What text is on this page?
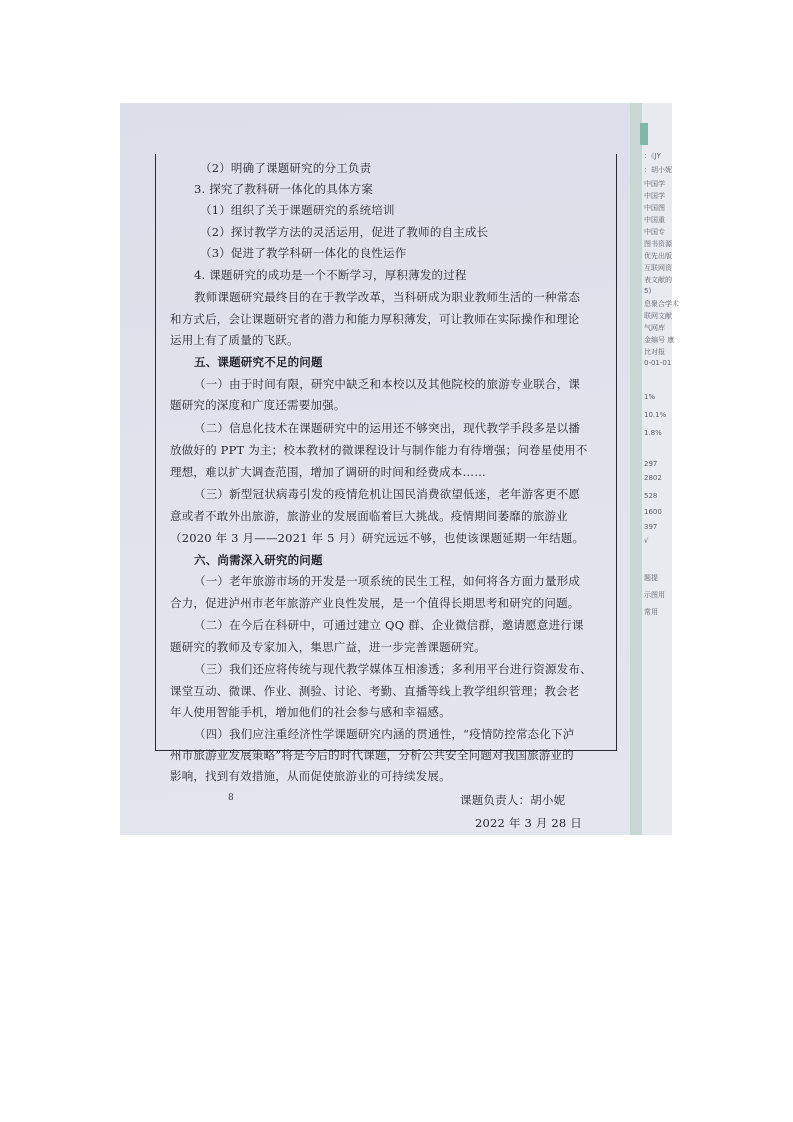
（2）明确了课题研究的分工负责
3. 探究了教科研一体化的具体方案
（1）组织了关于课题研究的系统培训
（2）探讨教学方法的灵活运用，促进了教师的自主成长
（3）促进了教学科研一体化的良性运作
4. 课题研究的成功是一个不断学习，厚积薄发的过程
教师课题研究最终目的在于教学改革，当科研成为职业教师生活的一种常态
和方式后，会让课题研究者的潜力和能力厚积薄发，可让教师在实际操作和理论
运用上有了质量的飞跃。
五、课题研究不足的问题
（一）由于时间有限，研究中缺乏和本校以及其他院校的旅游专业联合，课
题研究的深度和广度还需要加强。
（二）信息化技术在课题研究中的运用还不够突出，现代教学手段多是以播
放做好的 PPT 为主；校本教材的微课程设计与制作能力有待增强；问卷星使用不
理想，难以扩大调查范围，增加了调研的时间和经费成本……
（三）新型冠状病毒引发的疫情危机让国民消费欲望低迷，老年游客更不愿
意或者不敢外出旅游，旅游业的发展面临着巨大挑战。疫情期间萎靡的旅游业
（2020 年 3 月——2021 年 5 月）研究远远不够，也使该课题延期一年结题。
六、尚需深入研究的问题
（一）老年旅游市场的开发是一项系统的民生工程，如何将各方面力量形成
合力，促进泸州市老年旅游产业良性发展，是一个值得长期思考和研究的问题。
（二）在今后在科研中，可通过建立 QQ 群、企业微信群，邀请愿意进行课
题研究的教师及专家加入，集思广益，进一步完善课题研究。
（三）我们还应将传统与现代教学媒体互相渗透；多利用平台进行资源发布、
课堂互动、微课、作业、测验、讨论、考勤、直播等线上教学组织管理；教会老
年人使用智能手机，增加他们的社会参与感和幸福感。
（四）我们应注重经济性学课题研究内涵的贯通性，“疫情防控常态化下泸
州市旅游业发展策略”将是今后的时代课题，分析公共安全问题对我国旅游业的
影响，找到有效措施，从而促使旅游业的可持续发展。
课题负责人：胡小妮
2022 年 3 月 28 日
8
：《JY
：胡小妮
中国学
中国学
中国图
中国重
中国专
图书资源
优先出版
互联网资
表文献的
5)
息聚合学术
联网文献
气网库
金编号 康
比对报
0-01-01
1%
10.1%
1.8%
297
2802
528
1600
397
√
题提
示图用
常用
